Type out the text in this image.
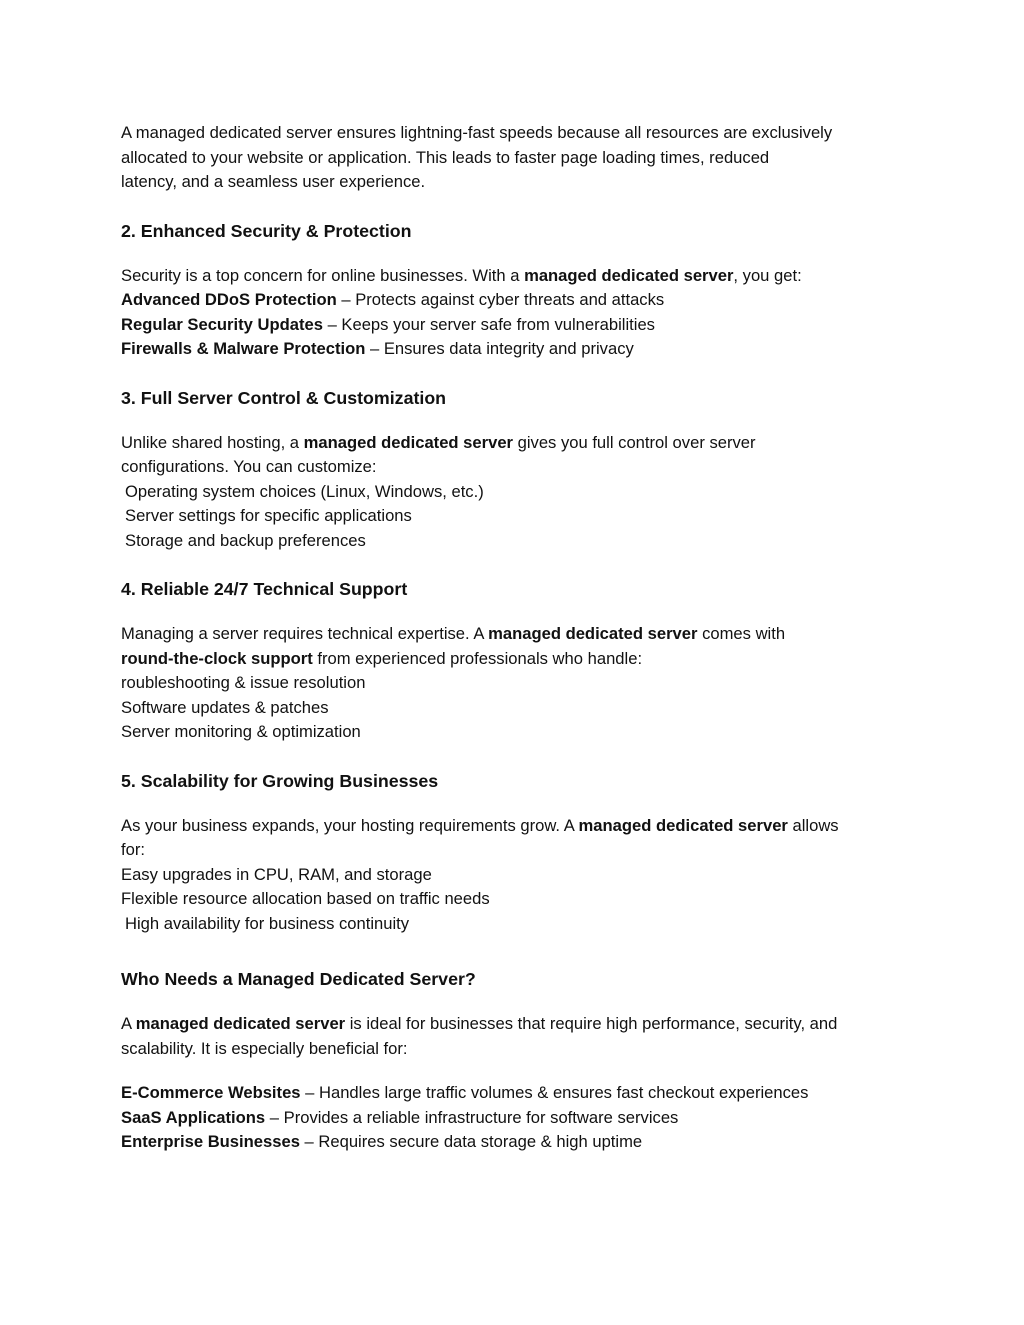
A managed dedicated server ensures lightning-fast speeds because all resources are exclusively
allocated to your website or application. This leads to faster page loading times, reduced
latency, and a seamless user experience.

2. Enhanced Security & Protection

Security is a top concern for online businesses. With a managed dedicated server, you get:
Advanced DDoS Protection – Protects against cyber threats and attacks
Regular Security Updates – Keeps your server safe from vulnerabilities
Firewalls & Malware Protection – Ensures data integrity and privacy

3. Full Server Control & Customization

Unlike shared hosting, a managed dedicated server gives you full control over server
configurations. You can customize:
Operating system choices (Linux, Windows, etc.)
Server settings for specific applications
Storage and backup preferences

4. Reliable 24/7 Technical Support

Managing a server requires technical expertise. A managed dedicated server comes with
round-the-clock support from experienced professionals who handle:
roubleshooting & issue resolution
Software updates & patches
Server monitoring & optimization

5. Scalability for Growing Businesses

As your business expands, your hosting requirements grow. A managed dedicated server allows
for:
Easy upgrades in CPU, RAM, and storage
Flexible resource allocation based on traffic needs
High availability for business continuity

Who Needs a Managed Dedicated Server?

A managed dedicated server is ideal for businesses that require high performance, security, and
scalability. It is especially beneficial for:

E-Commerce Websites – Handles large traffic volumes & ensures fast checkout experiences
SaaS Applications – Provides a reliable infrastructure for software services
Enterprise Businesses – Requires secure data storage & high uptime
